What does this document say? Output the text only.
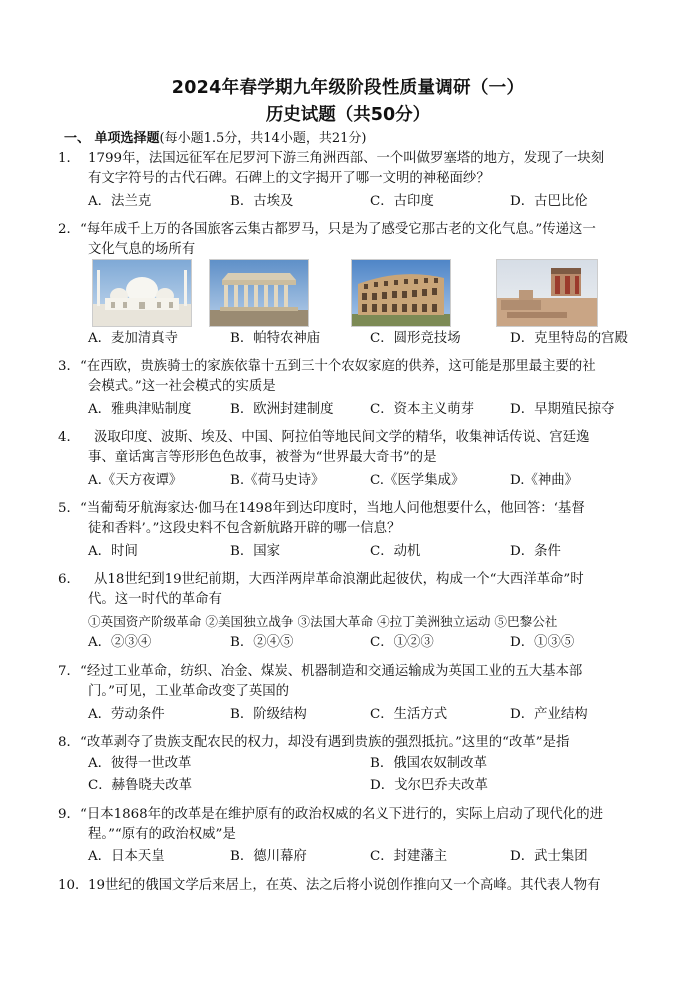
2024年春学期九年级阶段性质量调研（一）
历史试题（共50分）
一、 单项选择题(每小题1.5分，共14小题，共21分)
1． 1799年，法国远征军在尼罗河下游三角洲西部、一个叫做罗塞塔的地方，发现了一块刻
有文字符号的古代石碑。石碑上的文字揭开了哪一文明的神秘面纱？
A．法兰克	B．古埃及	C．古印度	D．古巴比伦
2． “每年成千上万的各国旅客云集古都罗马，只是为了感受它那古老的文化气息。”传递这一
文化气息的场所有
A．麦加清真寺	B．帕特农神庙	C．圆形竞技场	D．克里特岛的宫殿
3． “在西欧，贵族骑士的家族依靠十五到三十个农奴家庭的供养，这可能是那里最主要的社
会模式。”这一社会模式的实质是
A．雅典津贴制度	B．欧洲封建制度	C．资本主义萌芽	D．早期殖民掠夺
4． 汲取印度、波斯、埃及、中国、阿拉伯等地民间文学的精华，收集神话传说、宫廷逸
事、童话寓言等形形色色故事，被誉为“世界最大奇书”的是
A.《天方夜谭》	B.《荷马史诗》	C.《医学集成》	D.《神曲》
5． “当葡萄牙航海家达·伽马在1498年到达印度时，当地人问他想要什么，他回答：‘基督
徒和香料’。”这段史料不包含新航路开辟的哪一信息？
A．时间	B．国家	C．动机	D．条件
6． 从18世纪到19世纪前期，大西洋两岸革命浪潮此起彼伏，构成一个“大西洋革命”时
代。这一时代的革命有
①英国资产阶级革命 ②美国独立战争 ③法国大革命 ④拉丁美洲独立运动 ⑤巴黎公社
A．②③④	B．②④⑤	C．①②③	D．①③⑤
7． “经过工业革命，纺织、冶金、煤炭、机器制造和交通运输成为英国工业的五大基本部
门。”可见，工业革命改变了英国的
A．劳动条件	B．阶级结构	C．生活方式	D．产业结构
8． “改革剥夺了贵族支配农民的权力，却没有遇到贵族的强烈抵抗。”这里的“改革”是指
A．彼得一世改革	B．俄国农奴制改革
C．赫鲁晓夫改革	D．戈尔巴乔夫改革
9． “日本1868年的改革是在维护原有的政治权威的名义下进行的，实际上启动了现代化的进
程。”“原有的政治权威”是
A．日本天皇	B．德川幕府	C．封建藩主	D．武士集团
10． 19世纪的俄国文学后来居上，在英、法之后将小说创作推向又一个高峰。其代表人物有
